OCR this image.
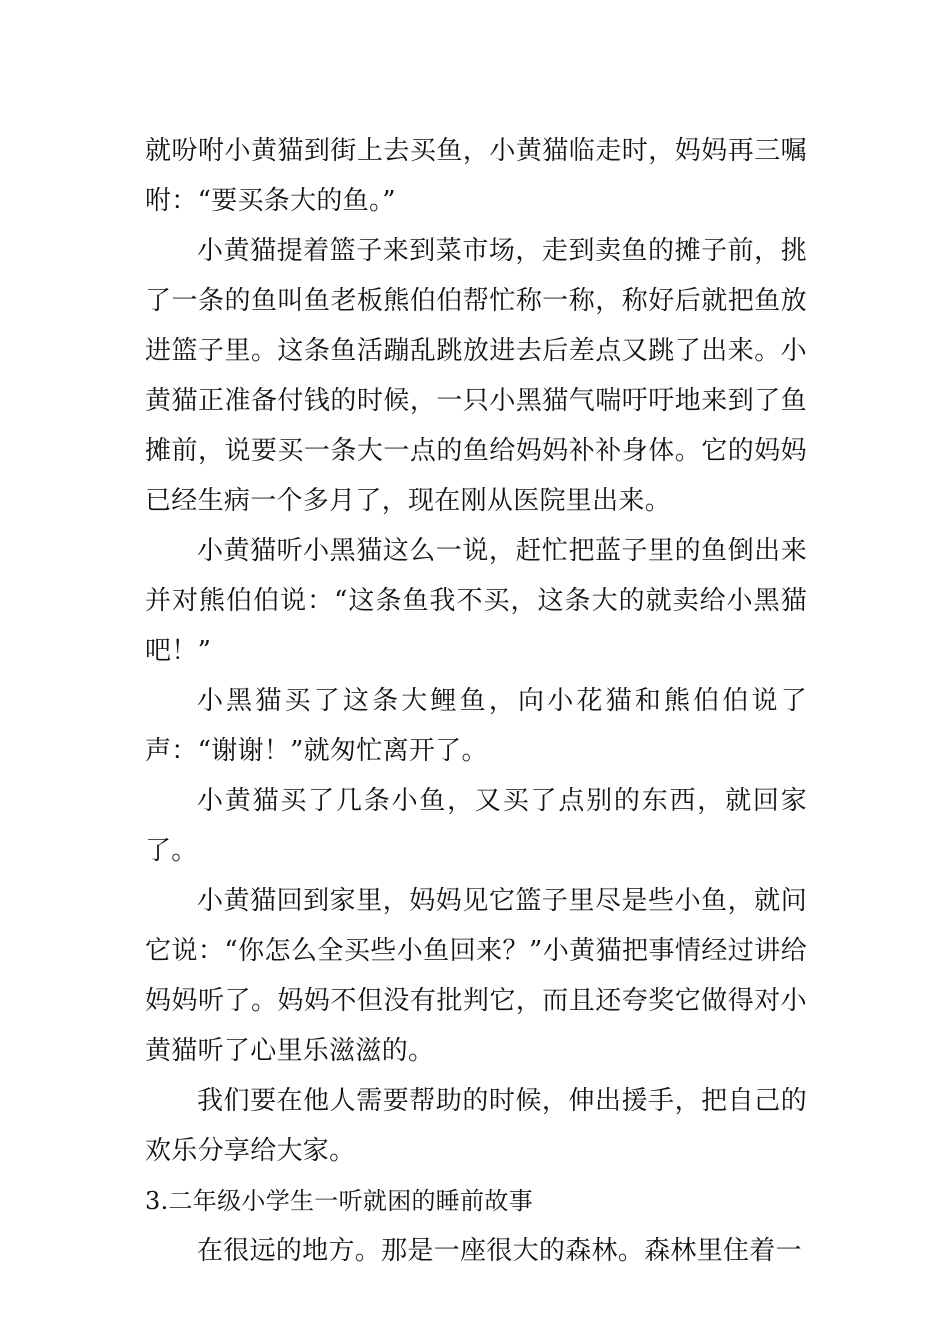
就吩咐小黄猫到街上去买鱼，小黄猫临走时，妈妈再三嘱咐：“要买条大的鱼。”

小黄猫提着篮子来到菜市场，走到卖鱼的摊子前，挑了一条的鱼叫鱼老板熊伯伯帮忙称一称，称好后就把鱼放进篮子里。这条鱼活蹦乱跳放进去后差点又跳了出来。小黄猫正准备付钱的时候，一只小黑猫气喘吁吁地来到了鱼摊前，说要买一条大一点的鱼给妈妈补补身体。它的妈妈已经生病一个多月了，现在刚从医院里出来。

小黄猫听小黑猫这么一说，赶忙把蓝子里的鱼倒出来并对熊伯伯说：“这条鱼我不买，这条大的就卖给小黑猫吧！”

小黑猫买了这条大鲤鱼，向小花猫和熊伯伯说了声：“谢谢！”就匆忙离开了。

小黄猫买了几条小鱼，又买了点别的东西，就回家了。

小黄猫回到家里，妈妈见它篮子里尽是些小鱼，就问它说：“你怎么全买些小鱼回来？”小黄猫把事情经过讲给妈妈听了。妈妈不但没有批判它，而且还夸奖它做得对小黄猫听了心里乐滋滋的。

我们要在他人需要帮助的时候，伸出援手，把自己的欢乐分享给大家。

3.二年级小学生一听就困的睡前故事

在很远的地方。那是一座很大的森林。森林里住着一
